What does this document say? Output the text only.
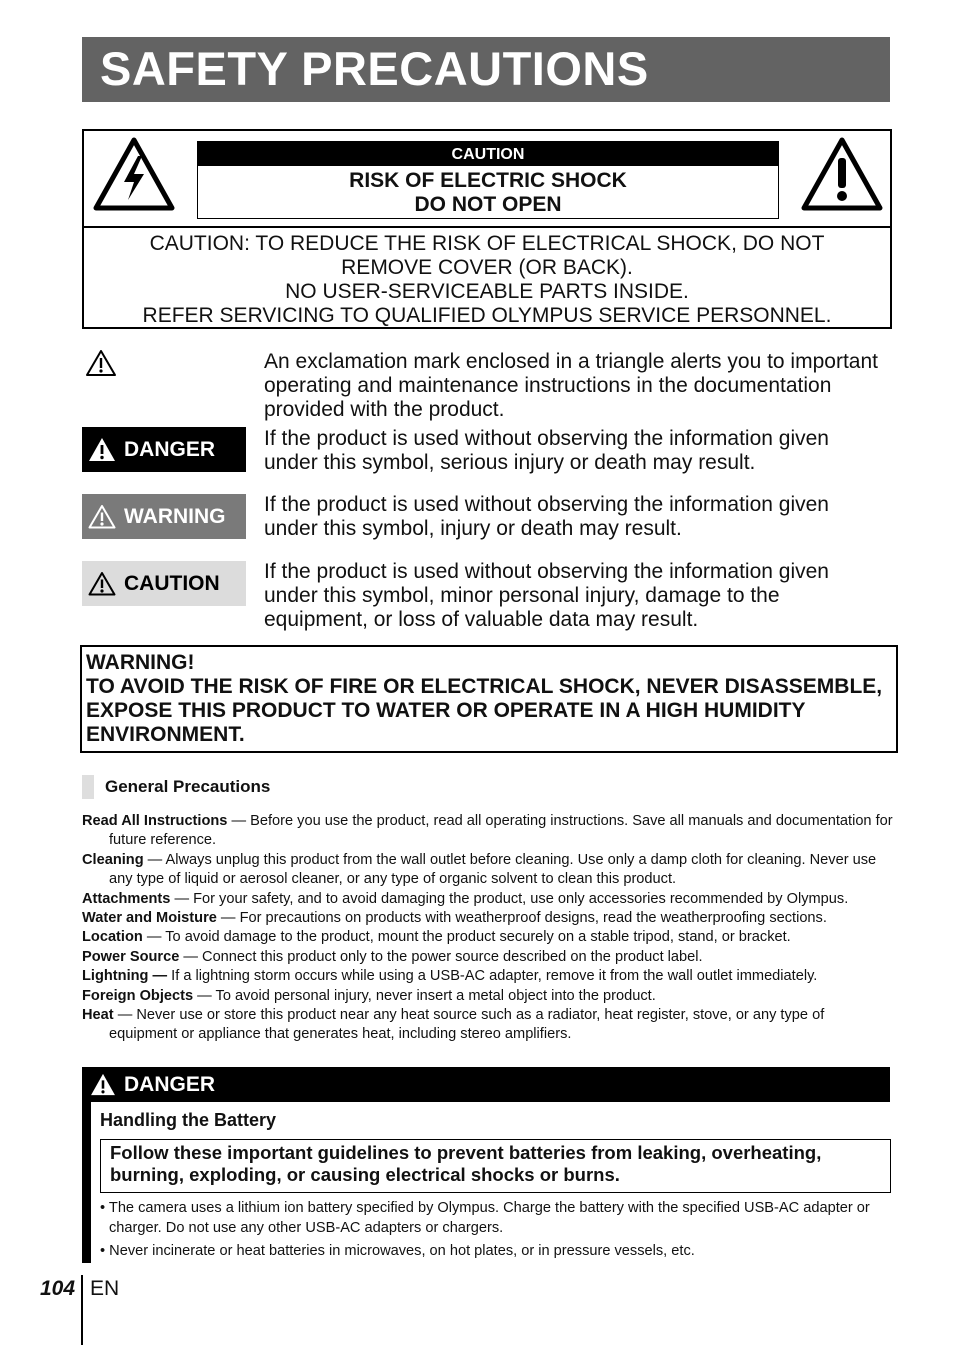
SAFETY PRECAUTIONS
CAUTION
RISK OF ELECTRIC SHOCK
DO NOT OPEN
CAUTION: TO REDUCE THE RISK OF ELECTRICAL SHOCK, DO NOT
REMOVE COVER (OR BACK).
NO USER-SERVICEABLE PARTS INSIDE.
REFER SERVICING TO QUALIFIED OLYMPUS SERVICE PERSONNEL.
An exclamation mark enclosed in a triangle alerts you to important operating and maintenance instructions in the documentation provided with the product.
DANGER If the product is used without observing the information given under this symbol, serious injury or death may result.
WARNING If the product is used without observing the information given under this symbol, injury or death may result.
CAUTION If the product is used without observing the information given under this symbol, minor personal injury, damage to the equipment, or loss of valuable data may result.
WARNING!
TO AVOID THE RISK OF FIRE OR ELECTRICAL SHOCK, NEVER DISASSEMBLE, EXPOSE THIS PRODUCT TO WATER OR OPERATE IN A HIGH HUMIDITY ENVIRONMENT.
General Precautions
Read All Instructions — Before you use the product, read all operating instructions. Save all manuals and documentation for future reference.
Cleaning — Always unplug this product from the wall outlet before cleaning. Use only a damp cloth for cleaning. Never use any type of liquid or aerosol cleaner, or any type of organic solvent to clean this product.
Attachments — For your safety, and to avoid damaging the product, use only accessories recommended by Olympus.
Water and Moisture — For precautions on products with weatherproof designs, read the weatherproofing sections.
Location — To avoid damage to the product, mount the product securely on a stable tripod, stand, or bracket.
Power Source — Connect this product only to the power source described on the product label.
Lightning — If a lightning storm occurs while using a USB-AC adapter, remove it from the wall outlet immediately.
Foreign Objects — To avoid personal injury, never insert a metal object into the product.
Heat — Never use or store this product near any heat source such as a radiator, heat register, stove, or any type of equipment or appliance that generates heat, including stereo amplifiers.
DANGER
Handling the Battery
Follow these important guidelines to prevent batteries from leaking, overheating, burning, exploding, or causing electrical shocks or burns.
• The camera uses a lithium ion battery specified by Olympus. Charge the battery with the specified USB-AC adapter or charger. Do not use any other USB-AC adapters or chargers.
• Never incinerate or heat batteries in microwaves, on hot plates, or in pressure vessels, etc.
104 EN
